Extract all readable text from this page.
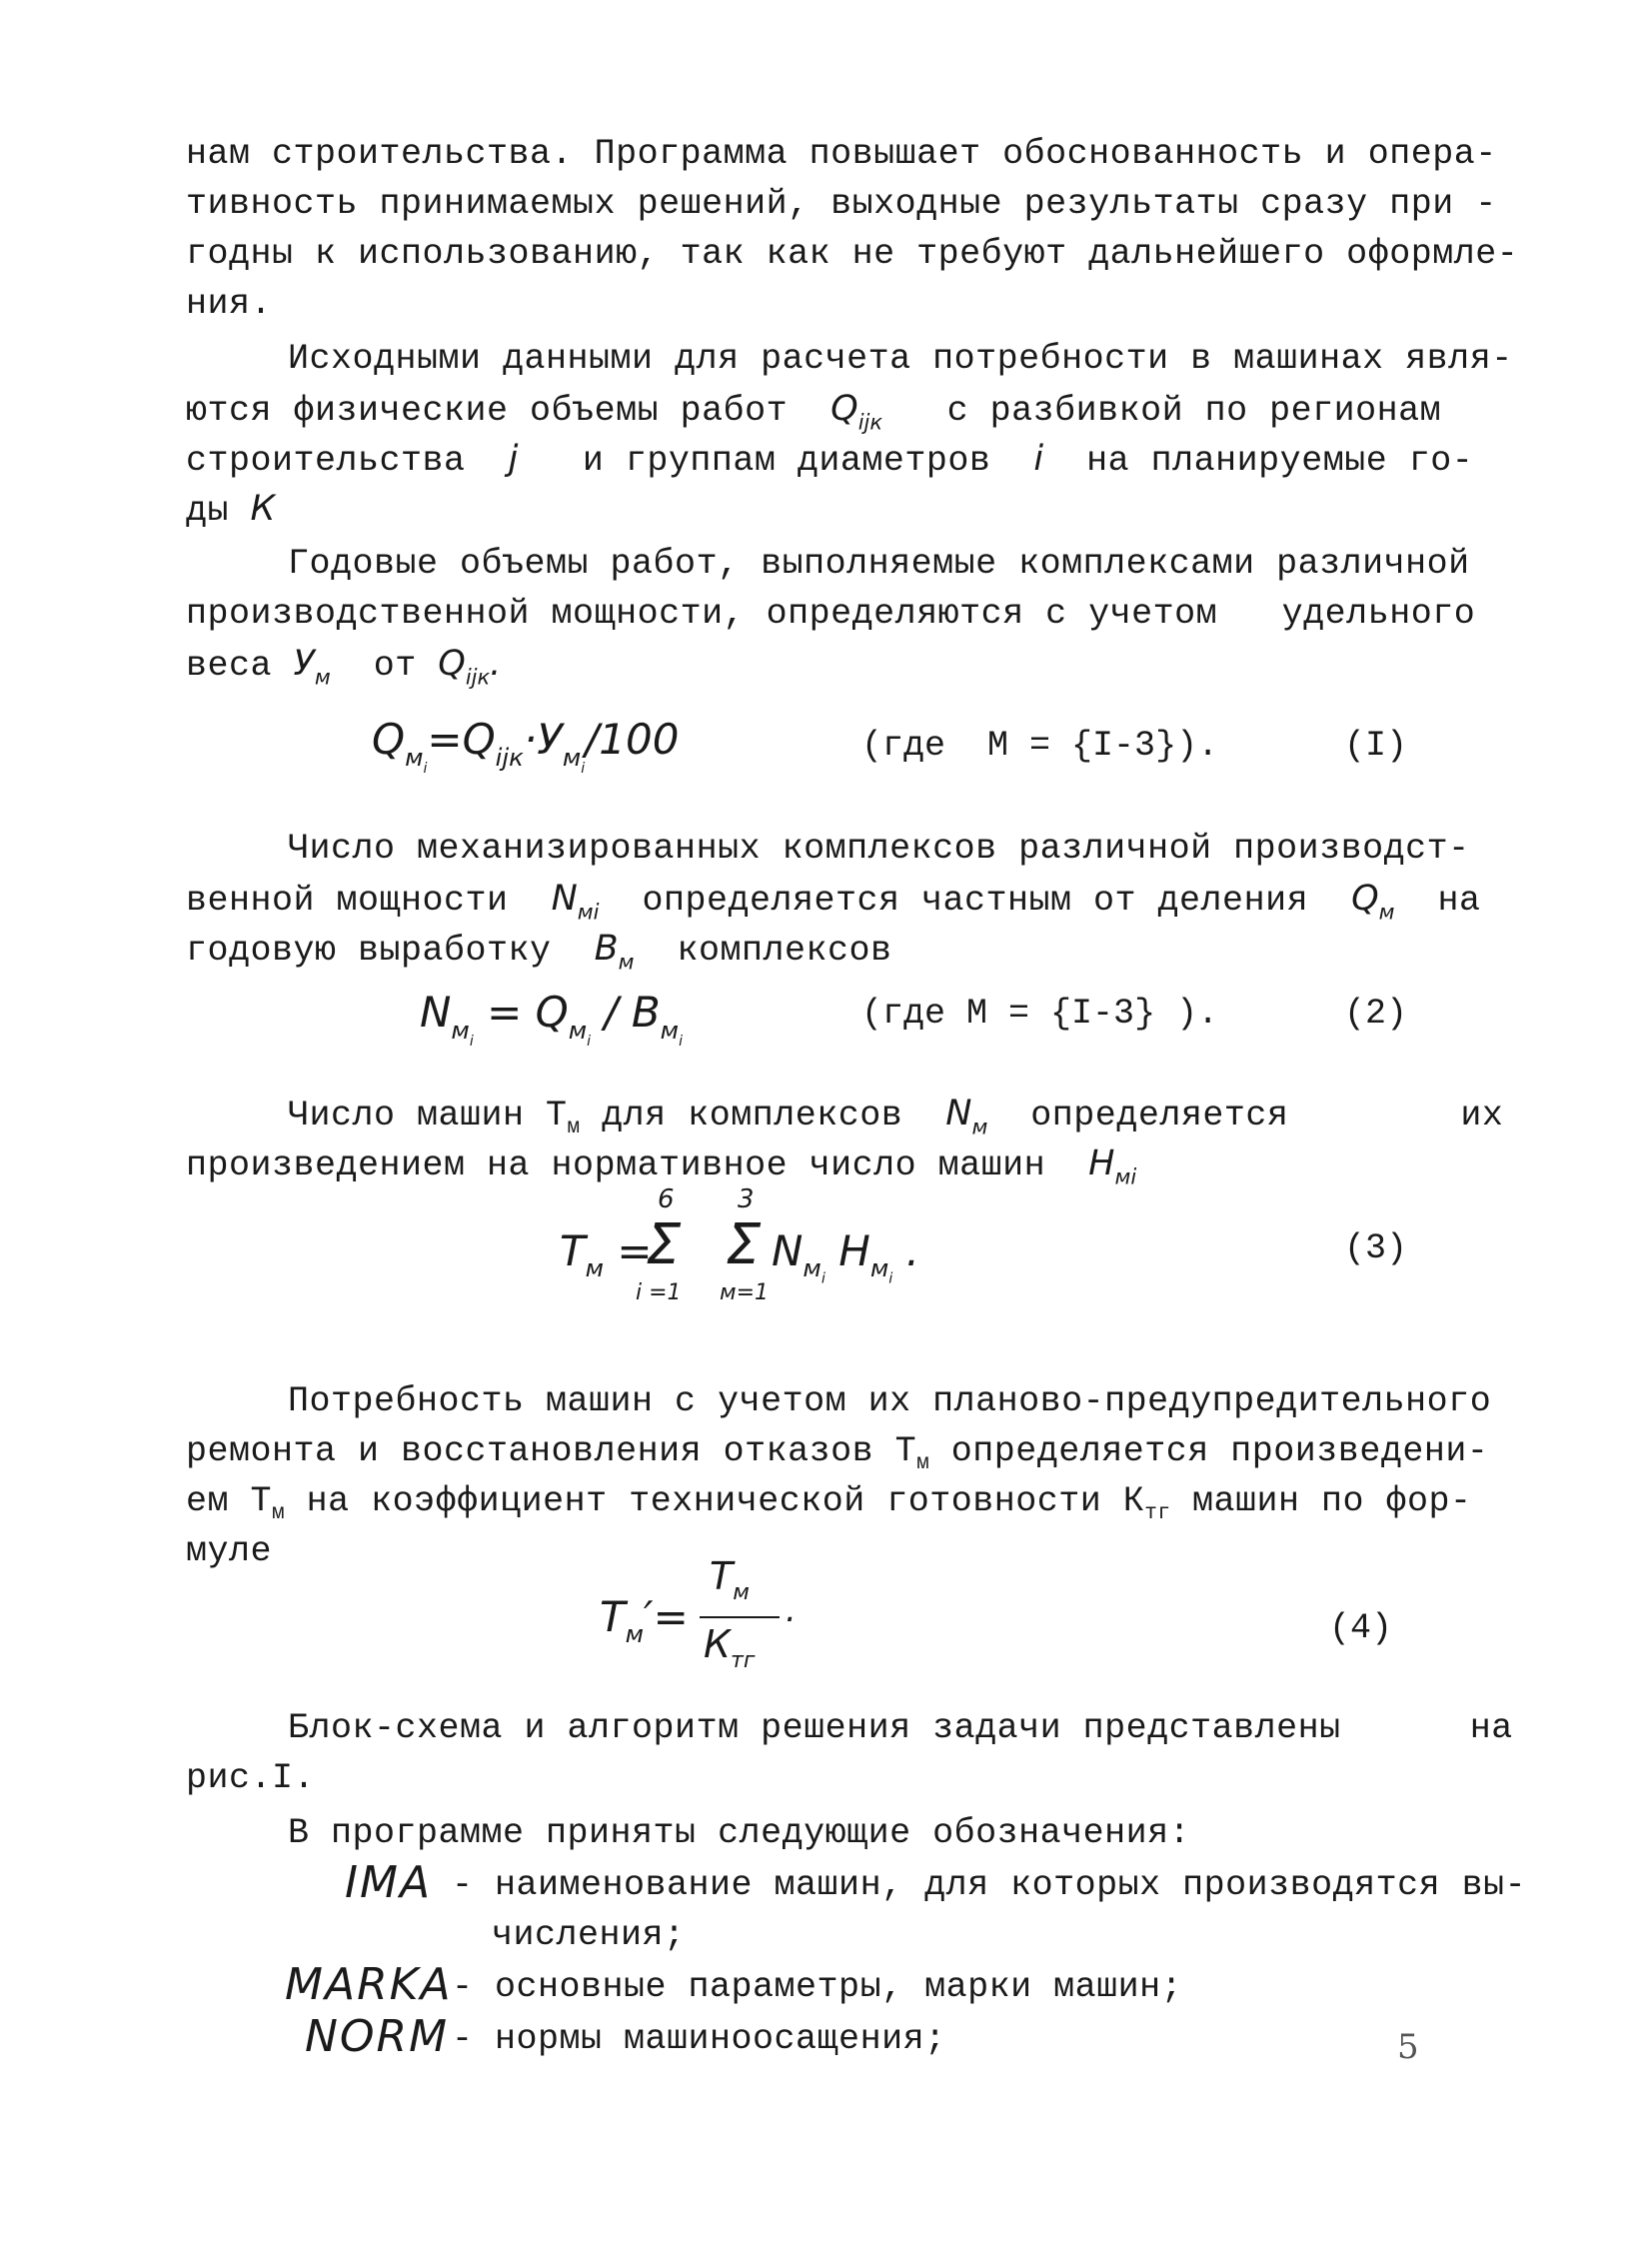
нам строительства. Программа повышает обоснованность и опера-
тивность принимаемых решений, выходные результаты сразу при -
годны к использованию, так как не требуют дальнейшего оформле-
ния.
Исходными данными для расчета потребности в машинах явля-
ются физические объемы работ $Q_{ijк}$ с разбивкой по регионам
строительства j и группам диаметров i на планируемые го-
ды К
Годовые объемы работ, выполняемые комплексами различной
производственной мощности, определяются с учетом   удельного
веса $У_м$ от $Q_{ijк}$.
$Q_{м_i}=Q_{ijк}\cdot У_{м_i}/100$	(где  М = {I-3}).	(I)
Число механизированных комплексов различной производст-
венной мощности $N_{мi}$ определяется частным от деления $Q_м$ на
годовую выработку $В_м$ комплексов
$N_{м_i} = Q_{м_i} / В_{м_i}$
(где М = {I-3} ).	(2)
Число машин $Т_м$ для комплексов $N_м$ определяется	их
произведением на нормативное число машин $Н_{мi}$
$Т_м$ =
6
Σ
i =1
3
Σ
м=1
$N_{м_i}$ $Н_{м_i}$ .	(3)
Потребность машин с учетом их планово-предупредительного
ремонта и восстановления отказов $Т_м$ определяется произведени-
ем $Т_м$ на коэффициент технической готовности $К_{тг}$ машин по фор-
муле
$Т_м'=$
$Т_м$
$К_{тг}$
.	(4)
Блок-схема и алгоритм решения задачи представлены	на
рис.I.
В программе приняты следующие обозначения:
IMA - наименование машин, для которых производятся вы-
числения;
MARKA - основные параметры, марки машин;
NORM - нормы машиноосащения;	5
